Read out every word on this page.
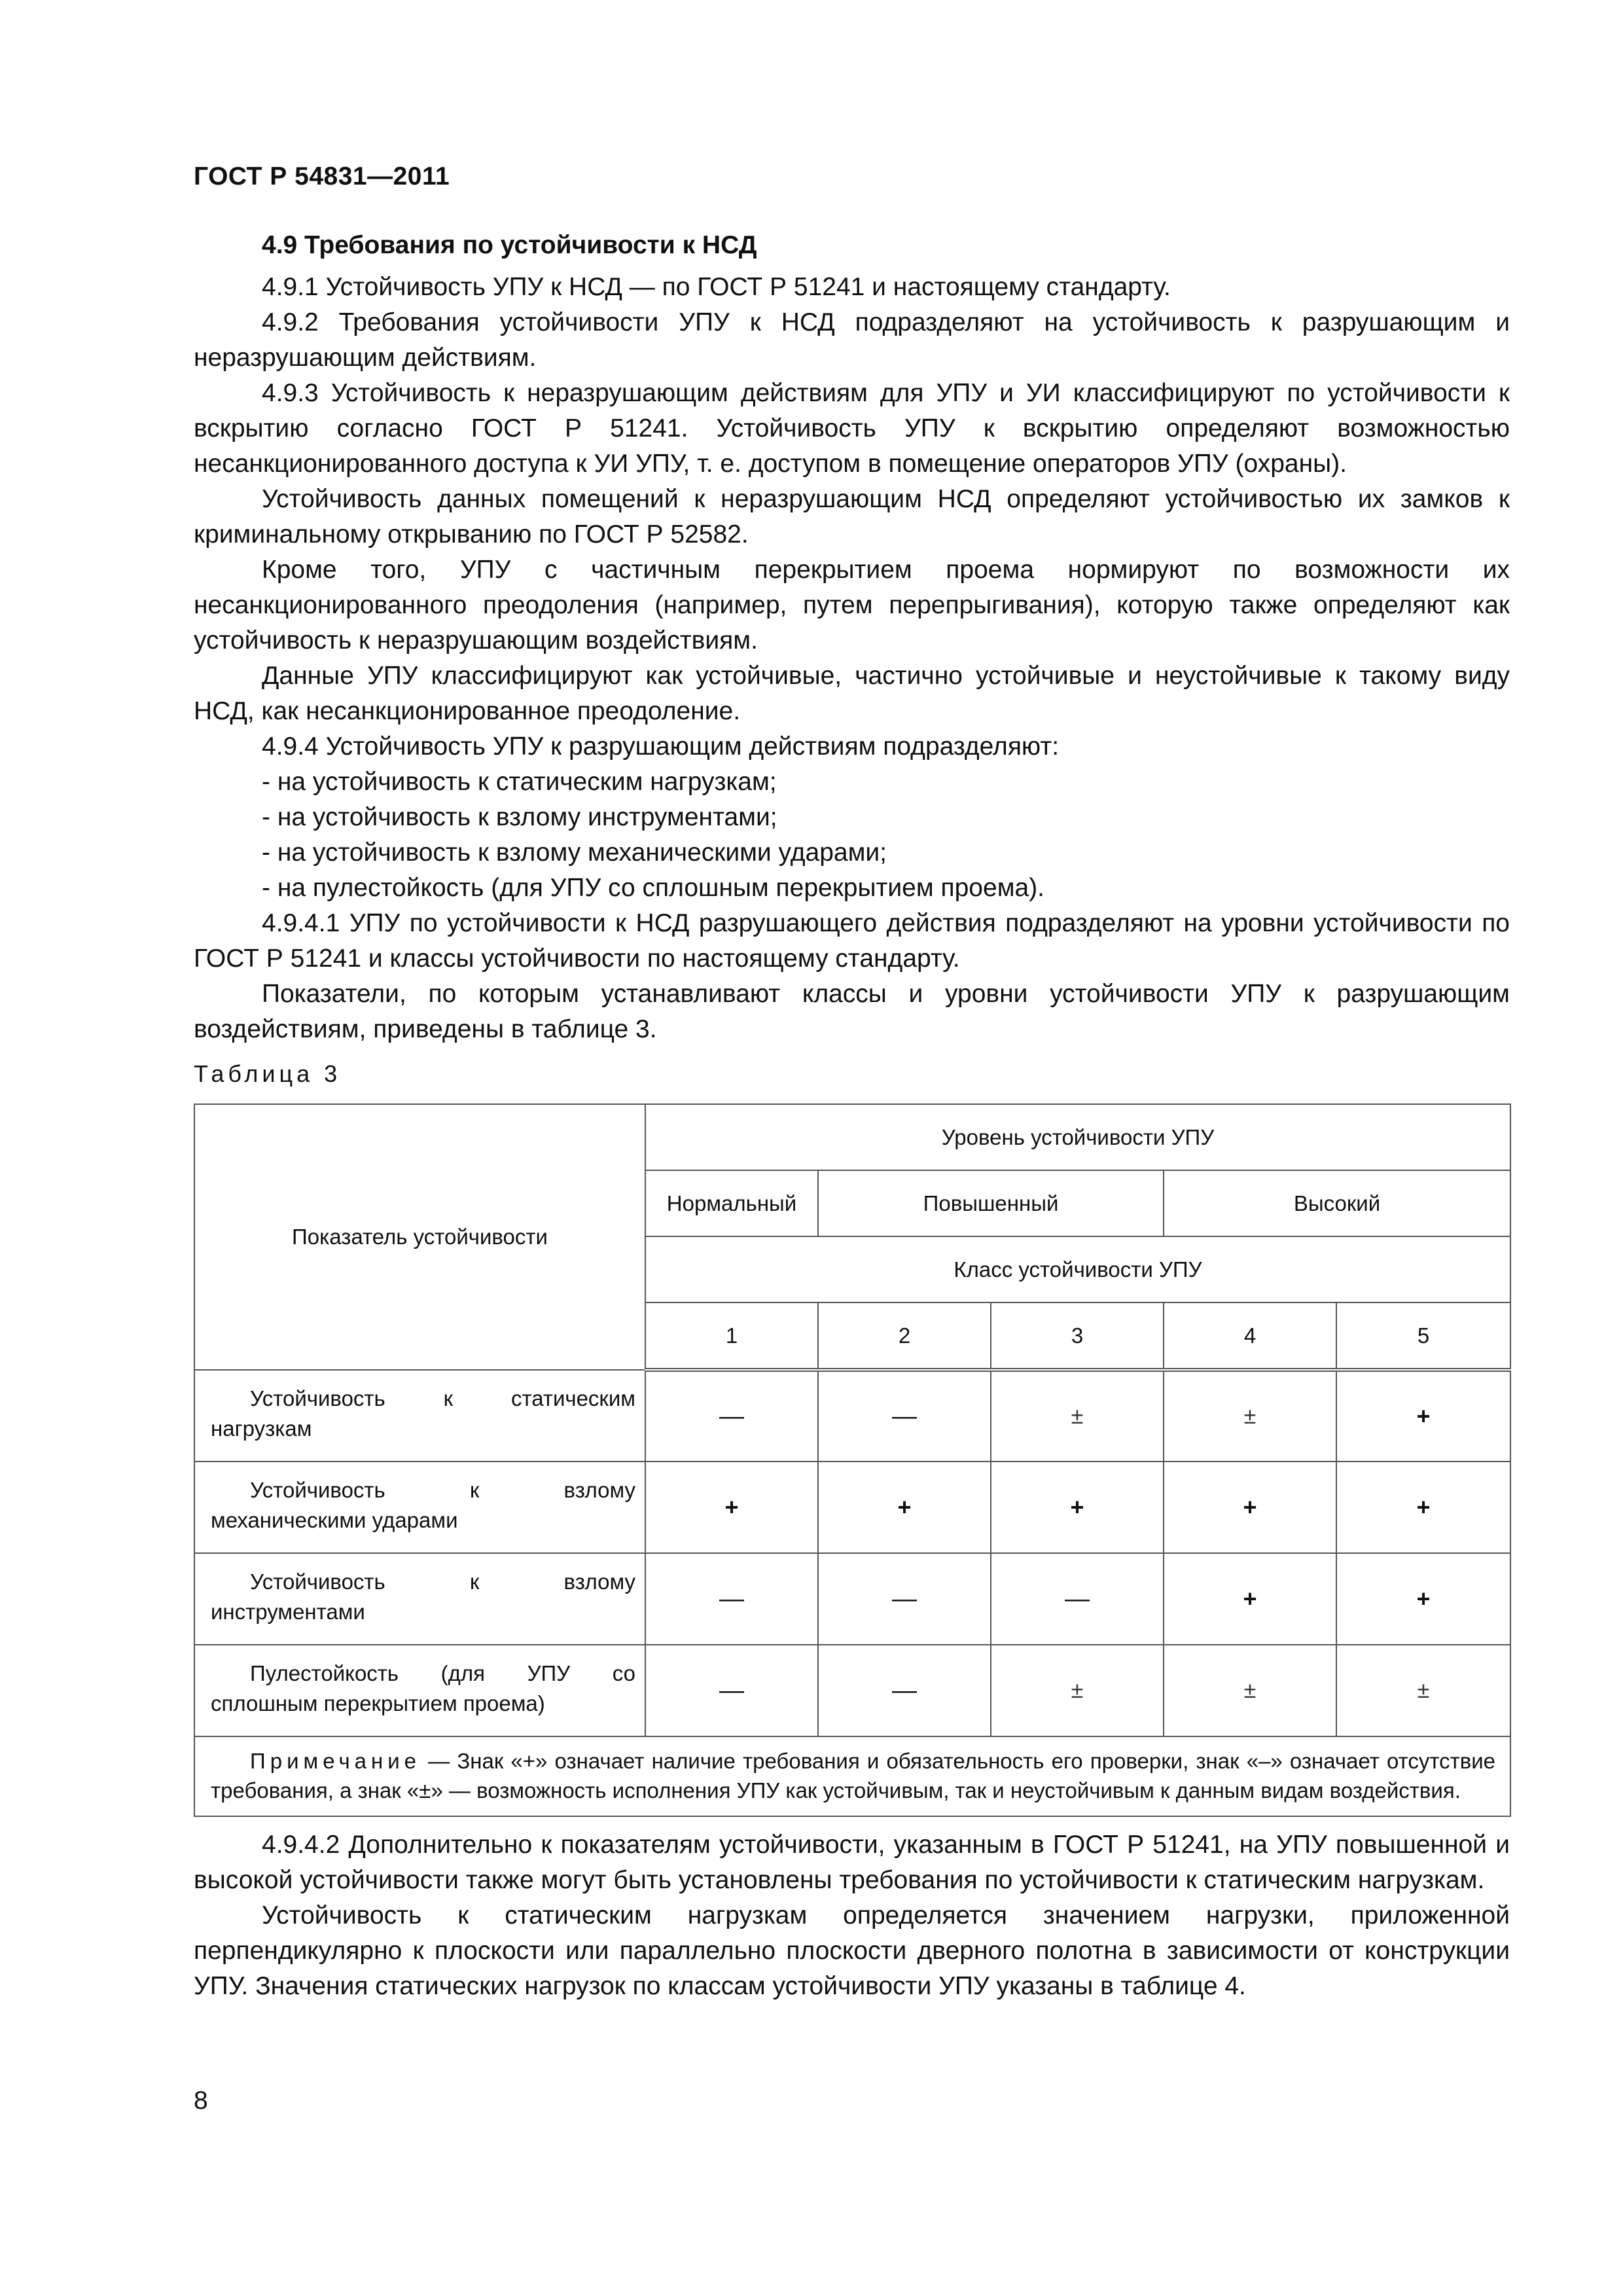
ГОСТ Р 54831—2011
4.9 Требования по устойчивости к НСД

4.9.1 Устойчивость УПУ к НСД — по ГОСТ Р 51241 и настоящему стандарту.

4.9.2 Требования устойчивости УПУ к НСД подразделяют на устойчивость к разрушающим и неразрушающим действиям.

4.9.3 Устойчивость к неразрушающим действиям для УПУ и УИ классифицируют по устойчивости к вскрытию согласно ГОСТ Р 51241. Устойчивость УПУ к вскрытию определяют возможностью несанкционированного доступа к УИ УПУ, т. е. доступом в помещение операторов УПУ (охраны).

Устойчивость данных помещений к неразрушающим НСД определяют устойчивостью их замков к криминальному открыванию по ГОСТ Р 52582.

Кроме того, УПУ с частичным перекрытием проема нормируют по возможности их несанкционированного преодоления (например, путем перепрыгивания), которую также определяют как устойчивость к неразрушающим воздействиям.

Данные УПУ классифицируют как устойчивые, частично устойчивые и неустойчивые к такому виду НСД, как несанкционированное преодоление.

4.9.4 Устойчивость УПУ к разрушающим действиям подразделяют:

- на устойчивость к статическим нагрузкам;

- на устойчивость к взлому инструментами;

- на устойчивость к взлому механическими ударами;

- на пулестойкость (для УПУ со сплошным перекрытием проема).

4.9.4.1 УПУ по устойчивости к НСД разрушающего действия подразделяют на уровни устойчивости по ГОСТ Р 51241 и классы устойчивости по настоящему стандарту.

Показатели, по которым устанавливают классы и уровни устойчивости УПУ к разрушающим воздействиям, приведены в таблице 3.

Таблица 3
Показатель устойчивости	Уровень устойчивости УПУ				
	Нормальный	Повышенный		Высокий	
	Класс устойчивости УПУ				
	1	2	3	4	5
Устойчивость к статическим нагрузкам	—	—	±	±	+
Устойчивость к взлому механическими ударами	+	+	+	+	+
Устойчивость к взлому инструментами	—	—	—	+	+
Пулестойкость (для УПУ со сплошным перекрытием проема)	—	—	±	±	±
Примечание — Знак «+» означает наличие требования и обязательность его проверки, знак «–» означает отсутствие требования, а знак «±» — возможность исполнения УПУ как устойчивым, так и неустойчивым к данным видам воздействия.					

4.9.4.2 Дополнительно к показателям устойчивости, указанным в ГОСТ Р 51241, на УПУ повышенной и высокой устойчивости также могут быть установлены требования по устойчивости к статическим нагрузкам.

Устойчивость к статическим нагрузкам определяется значением нагрузки, приложенной перпендикулярно к плоскости или параллельно плоскости дверного полотна в зависимости от конструкции УПУ. Значения статических нагрузок по классам устойчивости УПУ указаны в таблице 4.

8
